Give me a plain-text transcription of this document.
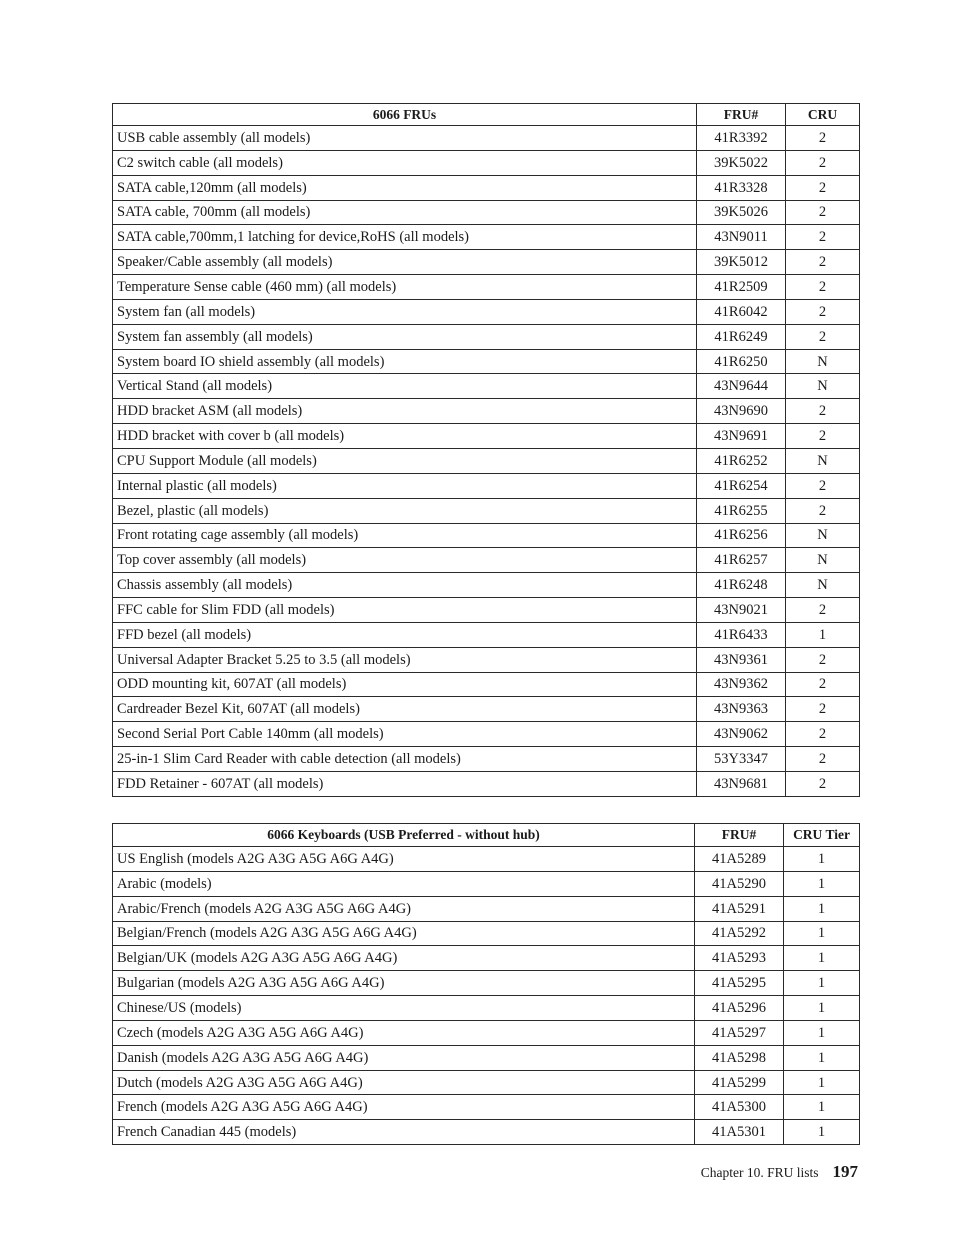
6066 FRUs	FRU#	CRU
USB cable assembly (all models)	41R3392	2
C2 switch cable (all models)	39K5022	2
SATA cable,120mm (all models)	41R3328	2
SATA cable, 700mm (all models)	39K5026	2
SATA cable,700mm,1 latching for device,RoHS (all models)	43N9011	2
Speaker/Cable assembly (all models)	39K5012	2
Temperature Sense cable (460 mm) (all models)	41R2509	2
System fan (all models)	41R6042	2
System fan assembly (all models)	41R6249	2
System board IO shield assembly (all models)	41R6250	N
Vertical Stand (all models)	43N9644	N
HDD bracket ASM (all models)	43N9690	2
HDD bracket with cover b (all models)	43N9691	2
CPU Support Module (all models)	41R6252	N
Internal plastic (all models)	41R6254	2
Bezel, plastic (all models)	41R6255	2
Front rotating cage assembly (all models)	41R6256	N
Top cover assembly (all models)	41R6257	N
Chassis assembly (all models)	41R6248	N
FFC cable for Slim FDD (all models)	43N9021	2
FFD bezel (all models)	41R6433	1
Universal Adapter Bracket 5.25 to 3.5 (all models)	43N9361	2
ODD mounting kit, 607AT (all models)	43N9362	2
Cardreader Bezel Kit, 607AT (all models)	43N9363	2
Second Serial Port Cable 140mm (all models)	43N9062	2
25-in-1 Slim Card Reader with cable detection (all models)	53Y3347	2
FDD Retainer - 607AT (all models)	43N9681	2
6066 Keyboards (USB Preferred - without hub)	FRU#	CRU Tier
US English (models A2G A3G A5G A6G A4G)	41A5289	1
Arabic (models)	41A5290	1
Arabic/French (models A2G A3G A5G A6G A4G)	41A5291	1
Belgian/French (models A2G A3G A5G A6G A4G)	41A5292	1
Belgian/UK (models A2G A3G A5G A6G A4G)	41A5293	1
Bulgarian (models A2G A3G A5G A6G A4G)	41A5295	1
Chinese/US (models)	41A5296	1
Czech (models A2G A3G A5G A6G A4G)	41A5297	1
Danish (models A2G A3G A5G A6G A4G)	41A5298	1
Dutch (models A2G A3G A5G A6G A4G)	41A5299	1
French (models A2G A3G A5G A6G A4G)	41A5300	1
French Canadian 445 (models)	41A5301	1
Chapter 10. FRU lists 197
